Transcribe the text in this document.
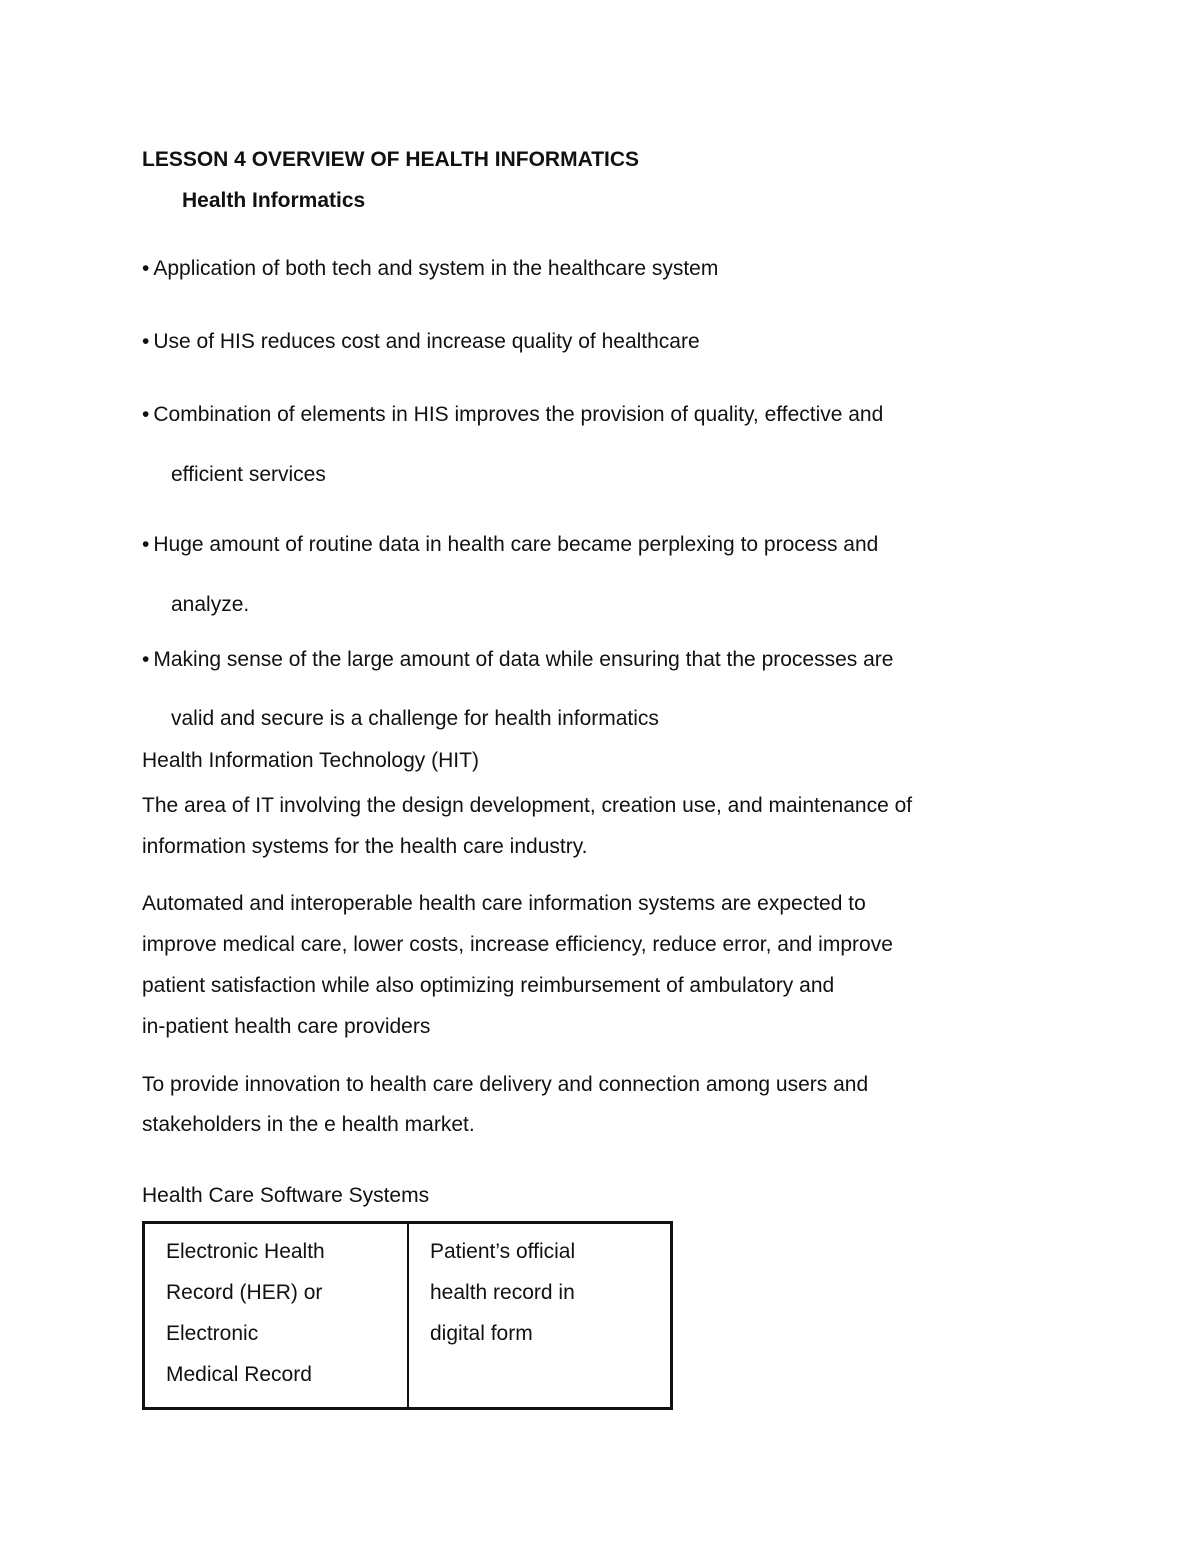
LESSON 4 OVERVIEW OF HEALTH INFORMATICS
Health Informatics
• Application of both tech and system in the healthcare system
• Use of HIS reduces cost and increase quality of healthcare
• Combination of elements in HIS improves the provision of quality, effective and
efficient services
• Huge amount of routine data in health care became perplexing to process and
analyze.
• Making sense of the large amount of data while ensuring that the processes are
valid and secure is a challenge for health informatics
Health Information Technology (HIT)
The area of IT involving the design development, creation use, and maintenance of
information systems for the health care industry.
Automated and interoperable health care information systems are expected to
improve medical care, lower costs, increase efficiency, reduce error, and improve
patient satisfaction while also optimizing reimbursement of ambulatory and
in-patient health care providers
To provide innovation to health care delivery and connection among users and
stakeholders in the e health market.
Health Care Software Systems
Electronic Health
Record (HER) or
Electronic
Medical Record
Patient’s official
health record in
digital form
